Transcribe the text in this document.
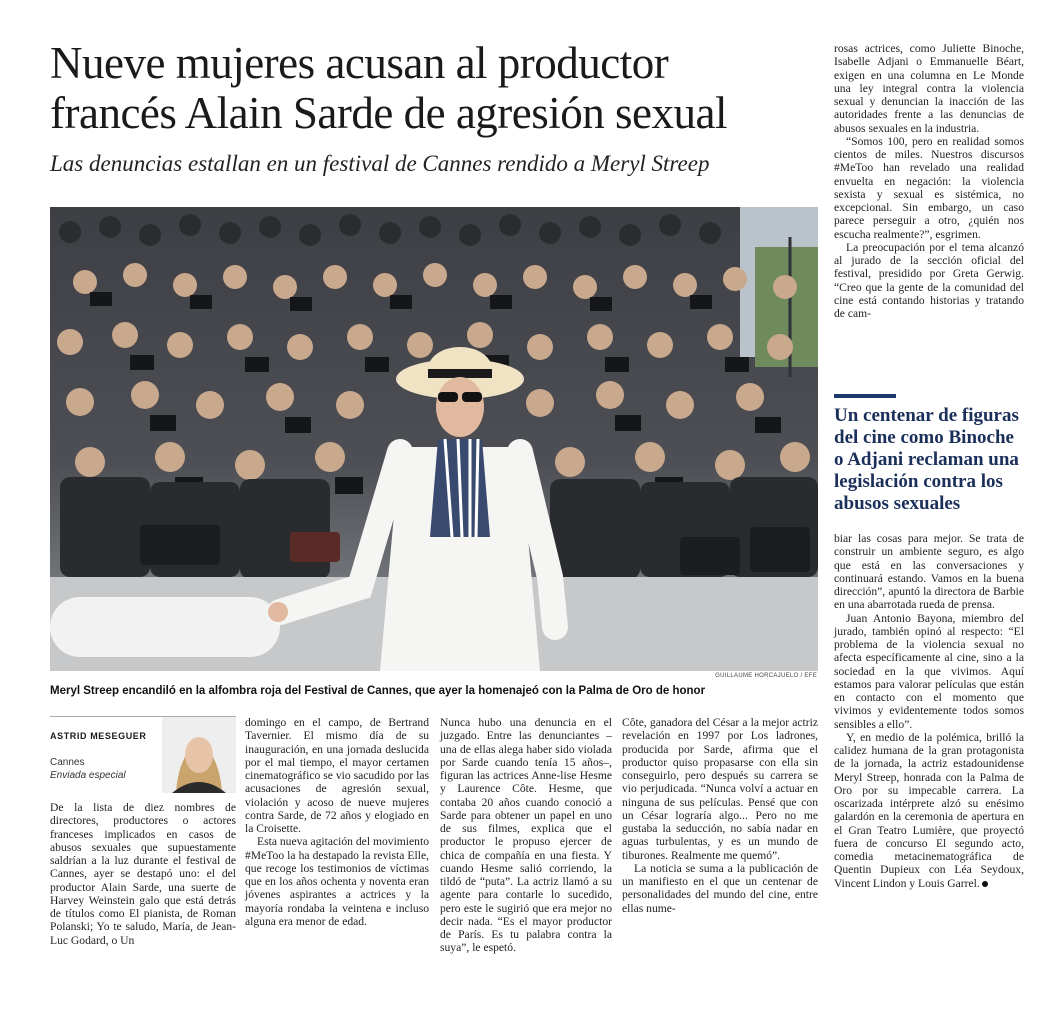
Nueve mujeres acusan al productor
francés Alain Sarde de agresión sexual
Las denuncias estallan en un festival de Cannes rendido a Meryl Streep
GUILLAUME HORCAJUELO / EFE
Meryl Streep encandiló en la alfombra roja del Festival de Cannes, que ayer la homenajeó con la Palma de Oro de honor
ASTRID MESEGUER
Cannes
Enviada especial

De la lista de diez nombres de directores, productores o actores franceses implicados en casos de abusos sexuales que supuestamente saldrían a la luz durante el festival de Cannes, ayer se destapó uno: el del productor Alain Sarde, una suerte de Harvey Weinstein galo que está detrás de títulos como El pianista, de Roman Polanski; Yo te saludo, María, de Jean-Luc Godard, o Un

domingo en el campo, de Bertrand Tavernier. El mismo día de su inauguración, en una jornada deslucida por el mal tiempo, el mayor certamen cinematográfico se vio sacudido por las acusaciones de agresión sexual, violación y acoso de nueve mujeres contra Sarde, de 72 años y elogiado en la Croisette.

Esta nueva agitación del movimiento #MeToo la ha destapado la revista Elle, que recoge los testimonios de víctimas que en los años ochenta y noventa eran jóvenes aspirantes a actrices y la mayoría rondaba la veintena e incluso alguna era menor de edad.

Nunca hubo una denuncia en el juzgado. Entre las denunciantes –una de ellas alega haber sido violada por Sarde cuando tenía 15 años–, figuran las actrices Anne-lise Hesme y Laurence Côte. Hesme, que contaba 20 años cuando conoció a Sarde para obtener un papel en uno de sus filmes, explica que el productor le propuso ejercer de chica de compañía en una fiesta. Y cuando Hesme salió corriendo, la tildó de “puta”. La actriz llamó a su agente para contarle lo sucedido, pero este le sugirió que era mejor no decir nada. “Es el mayor productor de París. Es tu palabra contra la suya”, le espetó.

Côte, ganadora del César a la mejor actriz revelación en 1997 por Los ladrones, producida por Sarde, afirma que el productor quiso propasarse con ella sin conseguirlo, pero después su carrera se vio perjudicada. “Nunca volví a actuar en ninguna de sus películas. Pensé que con un César lograría algo... Pero no me gustaba la seducción, no sabía nadar en aguas turbulentas, y es un mundo de tiburones. Realmente me quemó”.

La noticia se suma a la publicación de un manifiesto en el que un centenar de personalidades del mundo del cine, entre ellas nume-

rosas actrices, como Juliette Binoche, Isabelle Adjani o Emmanuelle Béart, exigen en una columna en Le Monde una ley integral contra la violencia sexual y denuncian la inacción de las autoridades frente a las denuncias de abusos sexuales en la industria.

“Somos 100, pero en realidad somos cientos de miles. Nuestros discursos #MeToo han revelado una realidad envuelta en negación: la violencia sexista y sexual es sistémica, no excepcional. Sin embargo, un caso parece perseguir a otro, ¿quién nos escucha realmente?”, esgrimen.

La preocupación por el tema alcanzó al jurado de la sección oficial del festival, presidido por Greta Gerwig. “Creo que la gente de la comunidad del cine está contando historias y tratando de cam-

Un centenar de figuras del cine como Binoche o Adjani reclaman una legislación contra los abusos sexuales

biar las cosas para mejor. Se trata de construir un ambiente seguro, es algo que está en las conversaciones y continuará estando. Vamos en la buena dirección”, apuntó la directora de Barbie en una abarrotada rueda de prensa.

Juan Antonio Bayona, miembro del jurado, también opinó al respecto: “El problema de la violencia sexual no afecta específicamente al cine, sino a la sociedad en la que vivimos. Aquí estamos para valorar películas que están en contacto con el momento que vivimos y evidentemente todos somos sensibles a ello”.

Y, en medio de la polémica, brilló la calidez humana de la gran protagonista de la jornada, la actriz estadounidense Meryl Streep, honrada con la Palma de Oro por su impecable carrera. La oscarizada intérprete alzó su enésimo galardón en la ceremonia de apertura en el Gran Teatro Lumière, que proyectó fuera de concurso El segundo acto, comedia metacinematográfica de Quentin Dupieux con Léa Seydoux, Vincent Lindon y Louis Garrel.
